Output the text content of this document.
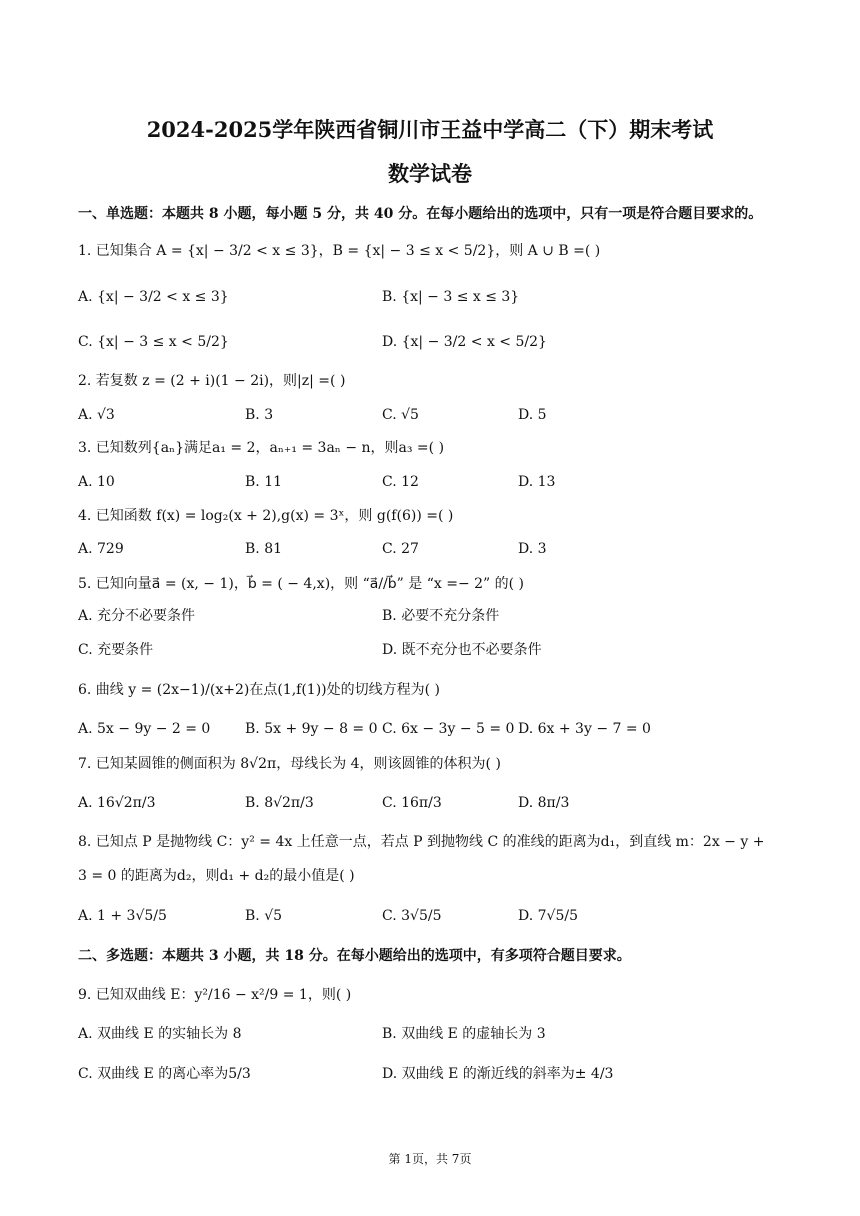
2024-2025学年陕西省铜川市王益中学高二（下）期末考试
数学试卷
一、单选题：本题共 8 小题，每小题 5 分，共 40 分。在每小题给出的选项中，只有一项是符合题目要求的。
1. 已知集合 A = {x| − 3/2 < x ≤ 3}，B = {x| − 3 ≤ x < 5/2}，则 A ∪ B =( )
A. {x| − 3/2 < x ≤ 3}	B. {x| − 3 ≤ x ≤ 3}
C. {x| − 3 ≤ x < 5/2}	D. {x| − 3/2 < x < 5/2}
2. 若复数 z = (2 + i)(1 − 2i)，则|z| =( )
A. √3	B. 3	C. √5	D. 5
3. 已知数列{aₙ}满足a₁ = 2，aₙ₊₁ = 3aₙ − n，则a₃ =( )
A. 10	B. 11	C. 12	D. 13
4. 已知函数 f(x) = log₂(x + 2),g(x) = 3ˣ，则 g(f(6)) =( )
A. 729	B. 81	C. 27	D. 3
5. 已知向量a⃗ = (x, − 1)，b⃗ = ( − 4,x)，则 “a⃗//b⃗” 是 “x =− 2” 的( )
A. 充分不必要条件	B. 必要不充分条件
C. 充要条件	D. 既不充分也不必要条件
6. 曲线 y = (2x−1)/(x+2)在点(1,f(1))处的切线方程为( )
A. 5x − 9y − 2 = 0 B. 5x + 9y − 8 = 0 C. 6x − 3y − 5 = 0 D. 6x + 3y − 7 = 0
7. 已知某圆锥的侧面积为 8√2π，母线长为 4，则该圆锥的体积为( )
A. 16√2π/3	B. 8√2π/3	C. 16π/3	D. 8π/3
8. 已知点 P 是抛物线 C：y² = 4x 上任意一点，若点 P 到抛物线 C 的准线的距离为d₁，到直线 m：2x − y +
3 = 0 的距离为d₂，则d₁ + d₂的最小值是( )
A. 1 + 3√5/5	B. √5	C. 3√5/5	D. 7√5/5
二、多选题：本题共 3 小题，共 18 分。在每小题给出的选项中，有多项符合题目要求。
9. 已知双曲线 E：y²/16 − x²/9 = 1，则( )
A. 双曲线 E 的实轴长为 8	B. 双曲线 E 的虚轴长为 3
C. 双曲线 E 的离心率为5/3	D. 双曲线 E 的渐近线的斜率为± 4/3
第 1页，共 7页
